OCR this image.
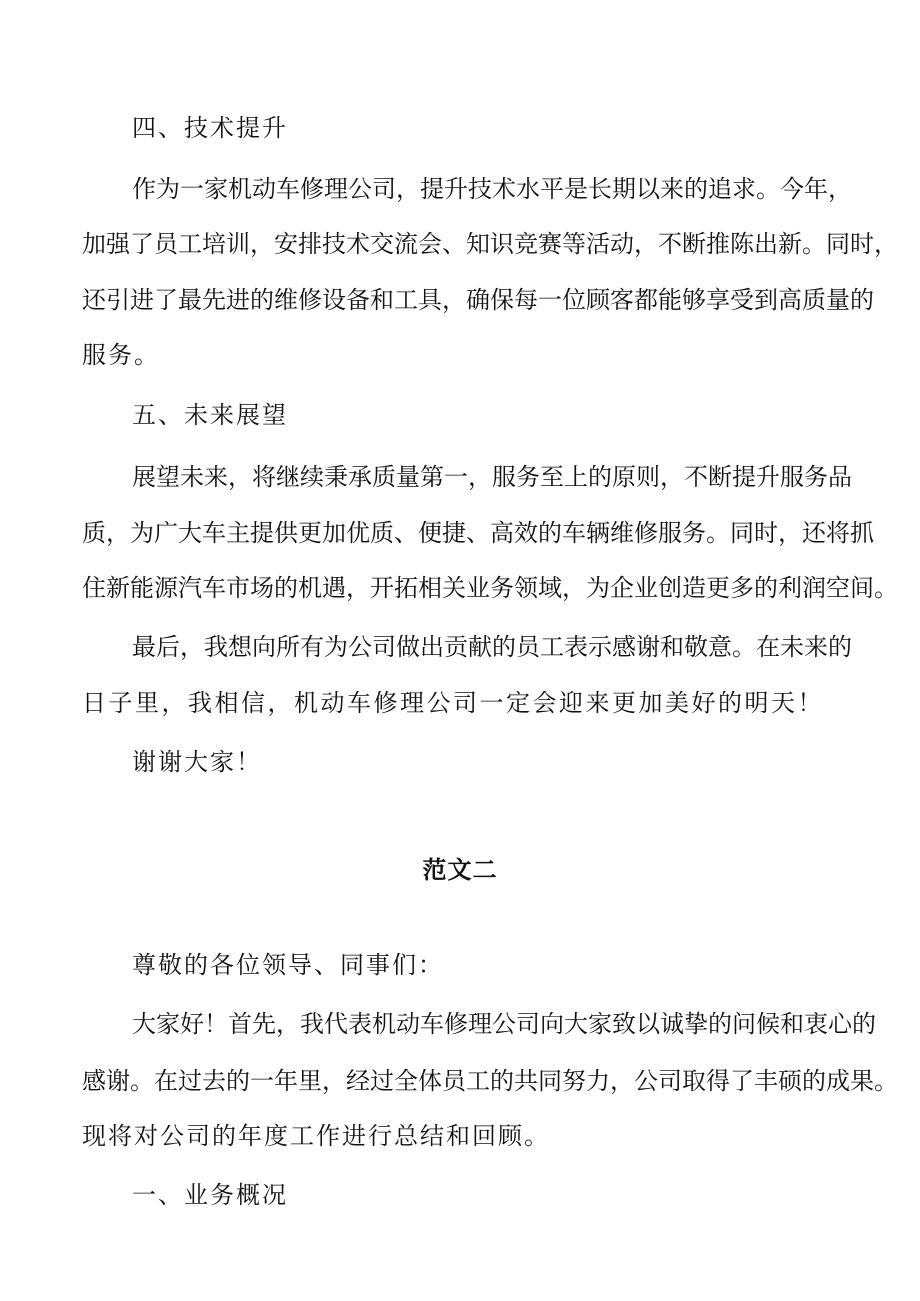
四、技术提升
作为一家机动车修理公司，提升技术水平是长期以来的追求。今年，
加强了员工培训，安排技术交流会、知识竞赛等活动，不断推陈出新。同时，
还引进了最先进的维修设备和工具，确保每一位顾客都能够享受到高质量的
服务。
五、未来展望
展望未来，将继续秉承质量第一，服务至上的原则，不断提升服务品
质，为广大车主提供更加优质、便捷、高效的车辆维修服务。同时，还将抓
住新能源汽车市场的机遇，开拓相关业务领域，为企业创造更多的利润空间。
最后，我想向所有为公司做出贡献的员工表示感谢和敬意。在未来的
日子里，我相信，机动车修理公司一定会迎来更加美好的明天！
谢谢大家！
范文二
尊敬的各位领导、同事们：
大家好！首先，我代表机动车修理公司向大家致以诚挚的问候和衷心的
感谢。在过去的一年里，经过全体员工的共同努力，公司取得了丰硕的成果。
现将对公司的年度工作进行总结和回顾。
一、业务概况
